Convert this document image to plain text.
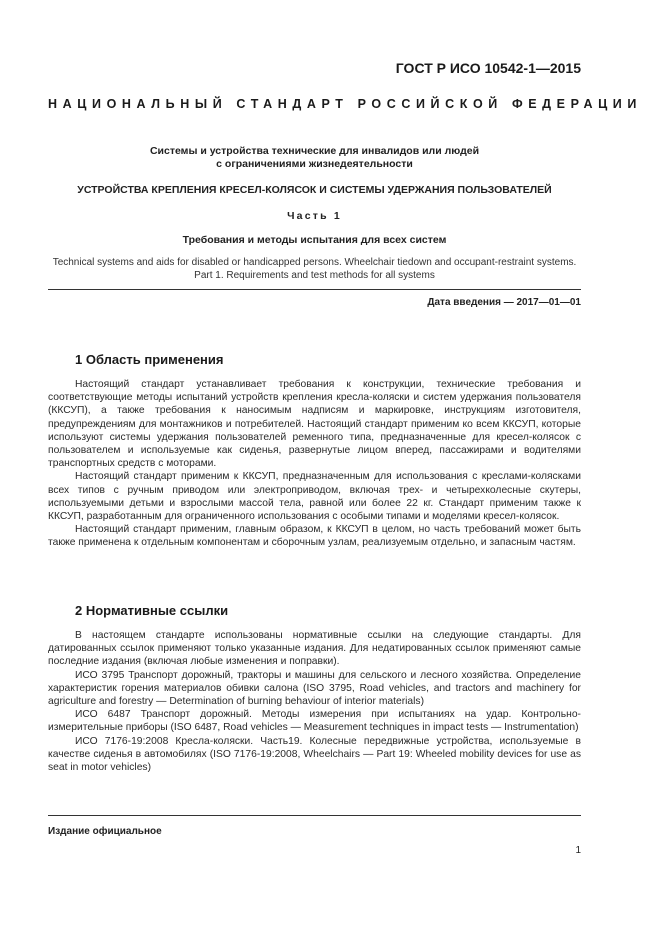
ГОСТ Р ИСО 10542-1—2015
НАЦИОНАЛЬНЫЙ СТАНДАРТ РОССИЙСКОЙ ФЕДЕРАЦИИ
Системы и устройства технические для инвалидов или людей
с ограничениями жизнедеятельности
УСТРОЙСТВА КРЕПЛЕНИЯ КРЕСЕЛ-КОЛЯСОК И СИСТЕМЫ УДЕРЖАНИЯ ПОЛЬЗОВАТЕЛЕЙ
Часть 1
Требования и методы испытания для всех систем
Technical systems and aids for disabled or handicapped persons. Wheelchair tiedown and occupant-restraint systems.
Part 1. Requirements and test methods for all systems
Дата введения — 2017—01—01
1 Область применения

Настоящий стандарт устанавливает требования к конструкции, технические требования и соответствующие методы испытаний устройств крепления кресла-коляски и систем удержания пользователя (ККСУП), а также требования к наносимым надписям и маркировке, инструкциям изготовителя, предупреждениям для монтажников и потребителей. Настоящий стандарт применим ко всем ККСУП, которые используют системы удержания пользователей ременного типа, предназначенные для кресел-колясок с пользователем и используемые как сиденья, развернутые лицом вперед, пассажирами и водителями транспортных средств с моторами.

Настоящий стандарт применим к ККСУП, предназначенным для использования с креслами-колясками всех типов с ручным приводом или электроприводом, включая трех- и четырехколесные скутеры, используемыми детьми и взрослыми массой тела, равной или более 22 кг. Стандарт применим также к ККСУП, разработанным для ограниченного использования с особыми типами и моделями кресел-колясок.

Настоящий стандарт применим, главным образом, к ККСУП в целом, но часть требований может быть также применена к отдельным компонентам и сборочным узлам, реализуемым отдельно, и запасным частям.

2 Нормативные ссылки

В настоящем стандарте использованы нормативные ссылки на следующие стандарты. Для датированных ссылок применяют только указанные издания. Для недатированных ссылок применяют самые последние издания (включая любые изменения и поправки).

ИСО 3795 Транспорт дорожный, тракторы и машины для сельского и лесного хозяйства. Определение характеристик горения материалов обивки салона (ISO 3795, Road vehicles, and tractors and machinery for agriculture and forestry — Determination of burning behaviour of interior materials)

ИСО 6487 Транспорт дорожный. Методы измерения при испытаниях на удар. Контрольно-измерительные приборы (ISO 6487, Road vehicles — Measurement techniques in impact tests — Instrumentation)

ИСО 7176-19:2008 Кресла-коляски. Часть19. Колесные передвижные устройства, используемые в качестве сиденья в автомобилях (ISO 7176-19:2008, Wheelchairs — Part 19: Wheeled mobility devices for use as seat in motor vehicles)

Издание официальное
1
